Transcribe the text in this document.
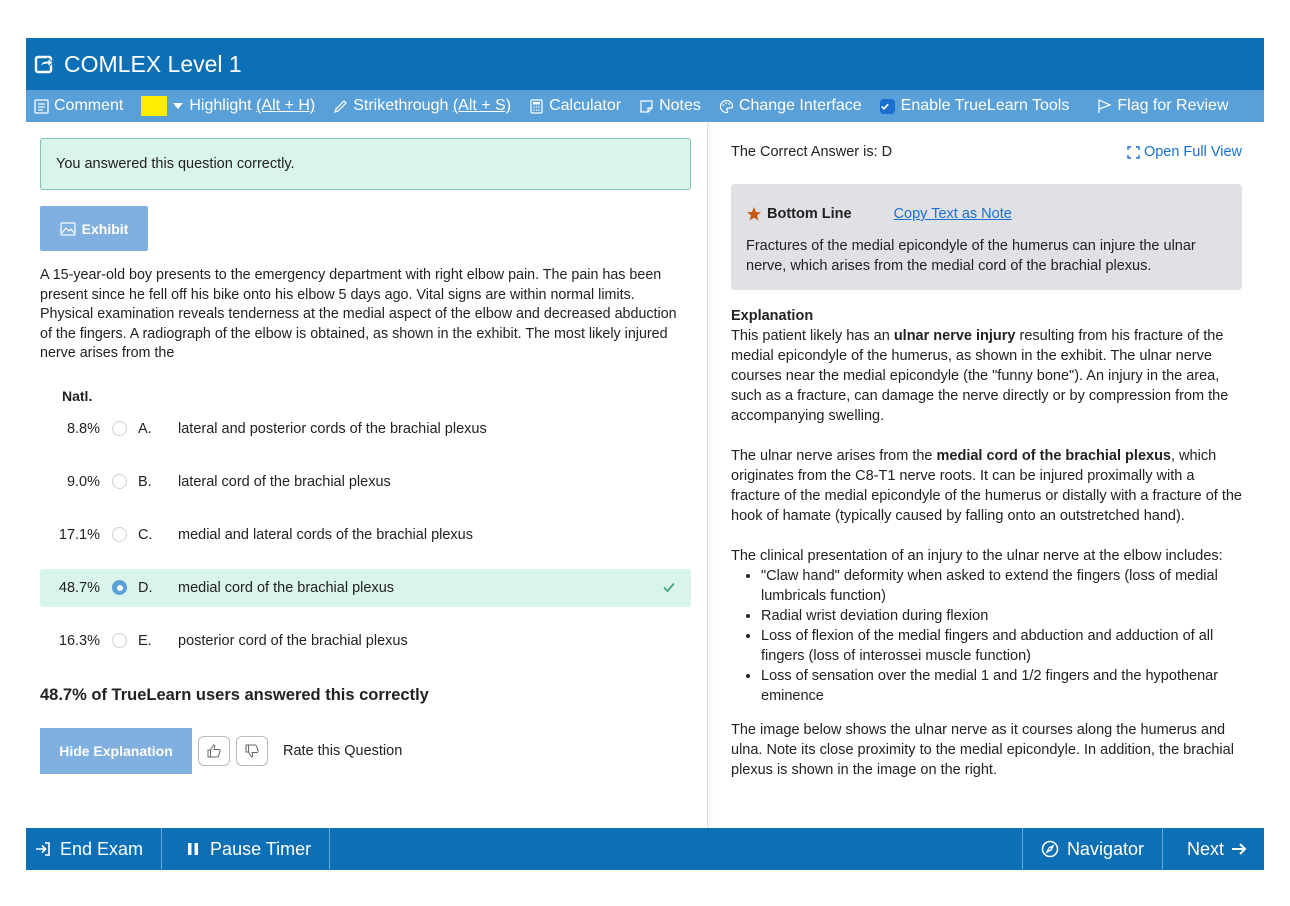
COMLEX Level 1
Comment	Highlight
(Alt + H) Strikethrough
(Alt + S) Calculator Notes Change Interface Enable TrueLearn Tools	Flag for Review
You answered this question correctly.
Exhibit
A 15-year-old boy presents to the emergency department with right elbow pain. The pain has been present since he fell off his bike onto his elbow 5 days ago. Vital signs are within normal limits. Physical examination reveals tenderness at the medial aspect of the elbow and decreased abduction of the fingers. A radiograph of the elbow is obtained, as shown in the exhibit. The most likely injured nerve arises from the
Natl.
8.8%	A.	lateral and posterior cords of the brachial plexus
9.0%	B.	lateral cord of the brachial plexus
17.1%	C.	medial and lateral cords of the brachial plexus
48.7%	D.	medial cord of the brachial plexus
16.3%	E.	posterior cord of the brachial plexus
48.7% of TrueLearn users answered this correctly
Hide Explanation	Rate this Question
The Correct Answer is: D	Open Full View
Bottom Line	Copy Text as Note
Fractures of the medial epicondyle of the humerus can injure the ulnar nerve, which arises from the medial cord of the brachial plexus.
Explanation

This patient likely has an ulnar nerve injury resulting from his fracture of the medial epicondyle of the humerus, as shown in the exhibit. The ulnar nerve courses near the medial epicondyle (the "funny bone"). An injury in the area, such as a fracture, can damage the nerve directly or by compression from the accompanying swelling.

The ulnar nerve arises from the medial cord of the brachial plexus, which originates from the C8-T1 nerve roots. It can be injured proximally with a fracture of the medial epicondyle of the humerus or distally with a fracture of the hook of hamate (typically caused by falling onto an outstretched hand).

The clinical presentation of an injury to the ulnar nerve at the elbow includes:

• "Claw hand" deformity when asked to extend the fingers (loss of medial lumbricals function)
• Radial wrist deviation during flexion
• Loss of flexion of the medial fingers and abduction and adduction of all fingers (loss of interossei muscle function)
• Loss of sensation over the medial 1 and 1/2 fingers and the hypothenar eminence

The image below shows the ulnar nerve as it courses along the humerus and ulna. Note its close proximity to the medial epicondyle. In addition, the brachial plexus is shown in the image on the right.

End Exam	Pause Timer	Navigator Next
